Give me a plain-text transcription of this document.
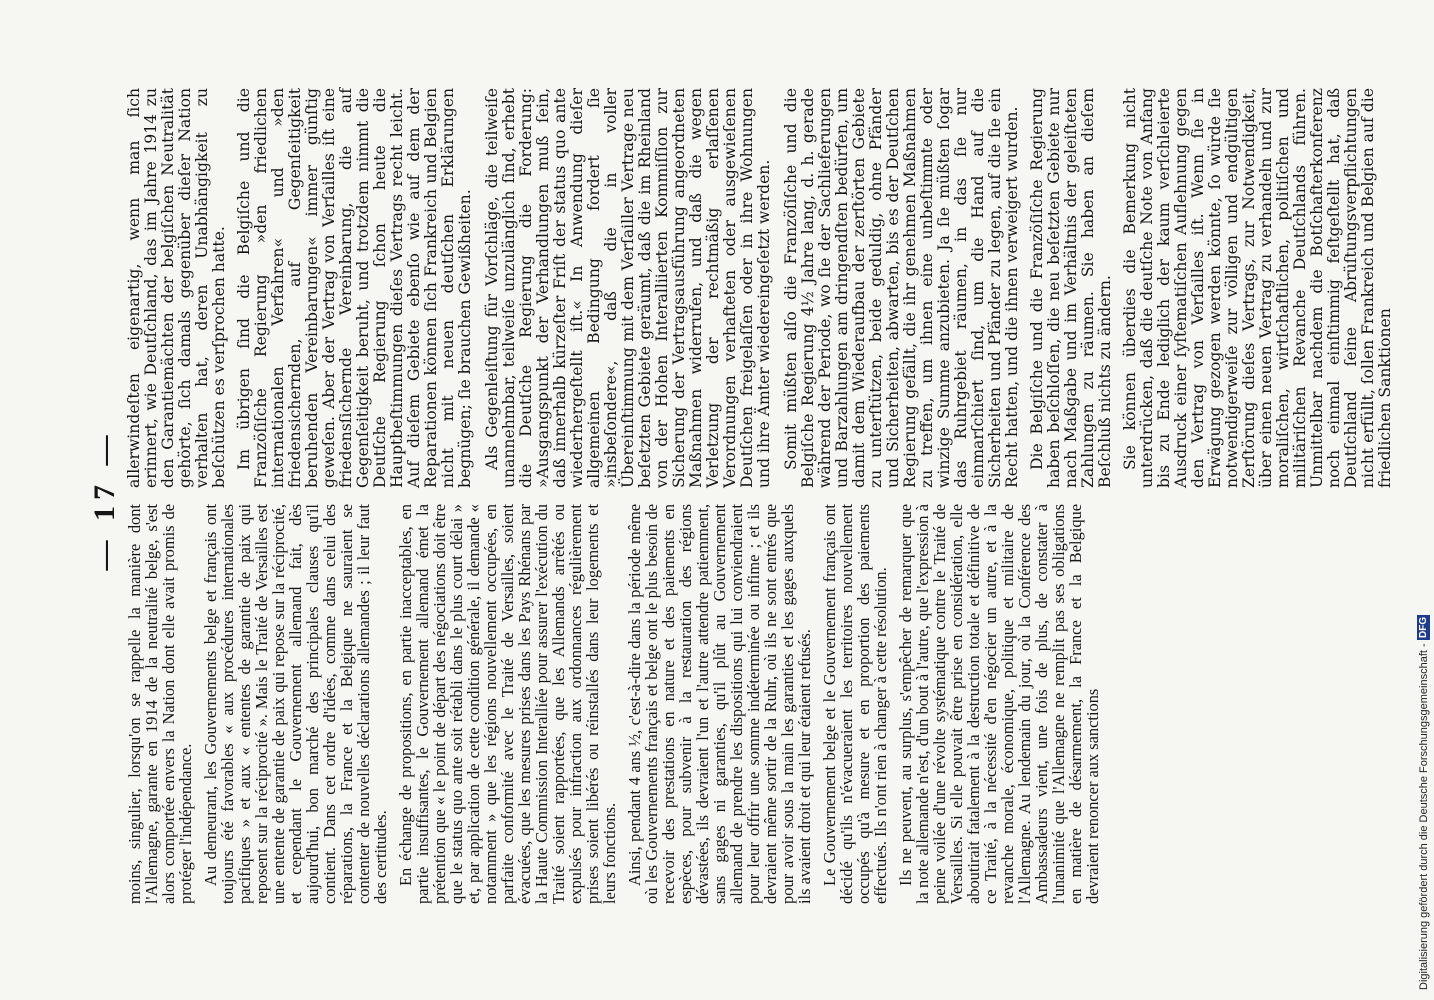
— 17 —

moins, singulier, lorsqu'on se rappelle la manière dont l'Allemagne, garante en 1914 de la neutralité belge, s'est alors comportée envers la Nation dont elle avait promis de protéger l'indépendance. Au demeurant, les Gouvernements belge et français ont toujours été favorables « aux procédures internationales pacifiques » et aux « ententes de garantie de paix qui reposent sur la réciprocité ». Mais le Traité de Versailles est une entente de garantie de paix qui repose sur la réciprocité, et cependant le Gouvernement allemand fait, dès aujourd'hui, bon marché des principales clauses qu'il contient. Dans cet ordre d'idées, comme dans celui des réparations, la France et la Belgique ne sauraient se contenter de nouvelles déclarations allemandes ; il leur faut des certitudes. En échange de propositions, en partie inacceptables, en partie insuffisantes, le Gouvernement allemand émet la prétention que « le point de départ des négociations doit être que le status quo ante soit rétabli dans le plus court délai » et, par application de cette condition générale, il demande « notamment » que les régions nouvellement occupées, en parfaite conformité avec le Traité de Versailles, soient évacuées, que les mesures prises dans les Pays Rhénans par la Haute Commission Interalliée pour assurer l'exécution du Traité soient rapportées, que les Allemands arrêtés ou expulsés pour infraction aux ordonnances régulièrement prises soient libérés ou réinstallés dans leur logements et leurs fonctions. Ainsi, pendant 4 ans ½, c'est-à-dire dans la période même où les Gouvernements français et belge ont le plus besoin de recevoir des prestations en nature et des paiements en espèces, pour subvenir à la restauration des régions dévastées, ils devraient l'un et l'autre attendre patiemment, sans gages ni garanties, qu'il plût au Gouvernement allemand de prendre les dispositions qui lui conviendraient pour leur offrir une somme indéterminée ou infime ; et ils devraient même sortir de la Ruhr, où ils ne sont entrés que pour avoir sous la main les garanties et les gages auxquels ils avaient droit et qui leur étaient refusés. Le Gouvernement belge et le Gouvernement français ont décidé qu'ils n'évacueraient les territoires nouvellement occupés qu'à mesure et en proportion des paiements effectués. Ils n'ont rien à changer à cette résolution. Ils ne peuvent, au surplus, s'empêcher de remarquer que la note allemande n'est, d'un bout à l'autre, que l'expression à peine voilée d'une révolte systématique contre le Traité de Versailles. Si elle pouvait être prise en considération, elle aboutirait fatalement à la destruction totale et définitive de ce Traité, à la nécessité d'en négocier un autre, et à la revanche morale, économique, politique et militaire de l'Allemagne. Au lendemain du jour, où la Conférence des Ambassadeurs vient, une fois de plus, de constater à l'unanimité que l'Allemagne ne remplit pas ses obligations en matière de désarmement, la France et la Belgique devraient renoncer aux sanctions

allerwindeſten eigenartig, wenn man ſich erinnert, wie Deutſchland, das im Jahre 1914 zu den Garantiemächten der belgiſchen Neutralität gehörte, ſich damals gegenüber dieſer Nation verhalten hat, deren Unabhängigkeit zu beſchützen es verſprochen hatte. Im übrigen ſind die Belgiſche und die Franzöſiſche Regierung »den friedlichen internationalen Verfahren« und »den friedensichernden, auf Gegenſeitigkeit beruhenden Vereinbarungen« immer günſtig geweſen. Aber der Vertrag von Verſailles iſt eine friedensſichernde Vereinbarung, die auf Gegenſeitigkeit beruht, und trotzdem nimmt die Deutſche Regierung ſchon heute die Hauptbeſtimmungen dieſes Vertrags recht leicht. Auf dieſem Gebiete ebenſo wie auf dem der Reparationen können ſich Frankreich und Belgien nicht mit neuen deutſchen Erklärungen begnügen; ſie brauchen Gewißheiten. Als Gegenleiſtung für Vorſchläge, die teilweiſe unannehmbar, teilweiſe unzulänglich ſind, erhebt die Deutſche Regierung die Forderung: »Ausgangspunkt der Verhandlungen muß ſein, daß innerhalb kürzeſter Friſt der status quo ante wiederhergeſtellt iſt.« In Anwendung dieſer allgemeinen Bedingung fordert ſie »insbeſondere«, daß die in voller Übereinſtimmung mit dem Verſailler Vertrage neu beſetzten Gebiete geräumt, daß die im Rheinland von der Hohen Interalliierten Kommiſſion zur Sicherung der Vertragsausführung angeordneten Maßnahmen widerrufen, und daß die wegen Verletzung der rechtmäßig erlaſſenen Verordnungen verhafteten oder ausgewieſenen Deutſchen freigelaſſen oder in ihre Wohnungen und ihre Ämter wiedereingeſetzt werden. Somit müßten alſo die Franzöſiſche und die Belgiſche Regierung 4½ Jahre lang, d. h. gerade während der Periode, wo ſie der Sachlieferungen und Barzahlungen am dringendſten bedürfen, um damit dem Wiederaufbau der zerſtörten Gebiete zu unterſtützen, beide geduldig, ohne Pfänder und Sicherheiten, abwarten, bis es der Deutſchen Regierung gefällt, die ihr genehmen Maßnahmen zu treffen, um ihnen eine unbeſtimmte oder winzige Summe anzubieten. Ja ſie müßten ſogar das Ruhrgebiet räumen, in das ſie nur einmarſchiert ſind, um die Hand auf die Sicherheiten und Pfänder zu legen, auf die ſie ein Recht hatten, und die ihnen verweigert wurden. Die Belgiſche und die Franzöſiſche Regierung haben beſchloſſen, die neu beſetzten Gebiete nur nach Maßgabe und im Verhältnis der geleiſteten Zahlungen zu räumen. Sie haben an dieſem Beſchluß nichts zu ändern. Sie können überdies die Bemerkung nicht unterdrücken, daß die deutſche Note von Anfang bis zu Ende lediglich der kaum verſchleierte Ausdruck einer ſyſtematiſchen Auflehnung gegen den Vertrag von Verſailles iſt. Wenn ſie in Erwägung gezogen werden könnte, ſo würde ſie notwendigerweiſe zur völligen und endgültigen Zerſtörung dieſes Vertrags, zur Notwendigkeit, über einen neuen Vertrag zu verhandeln und zur moraliſchen, wirtſchaftlichen, politiſchen und militäriſchen Revanche Deutſchlands führen. Unmittelbar nachdem die Botſchafterkonferenz noch einmal einſtimmig feſtgeſtellt hat, daß Deutſchland ſeine Abrüſtungsverpflichtungen nicht erfüllt, ſollen Frankreich und Belgien auf die friedlichen Sanktionen

Digitalisierung gefördert durch die Deutsche Forschungsgemeinschaft - DFG
